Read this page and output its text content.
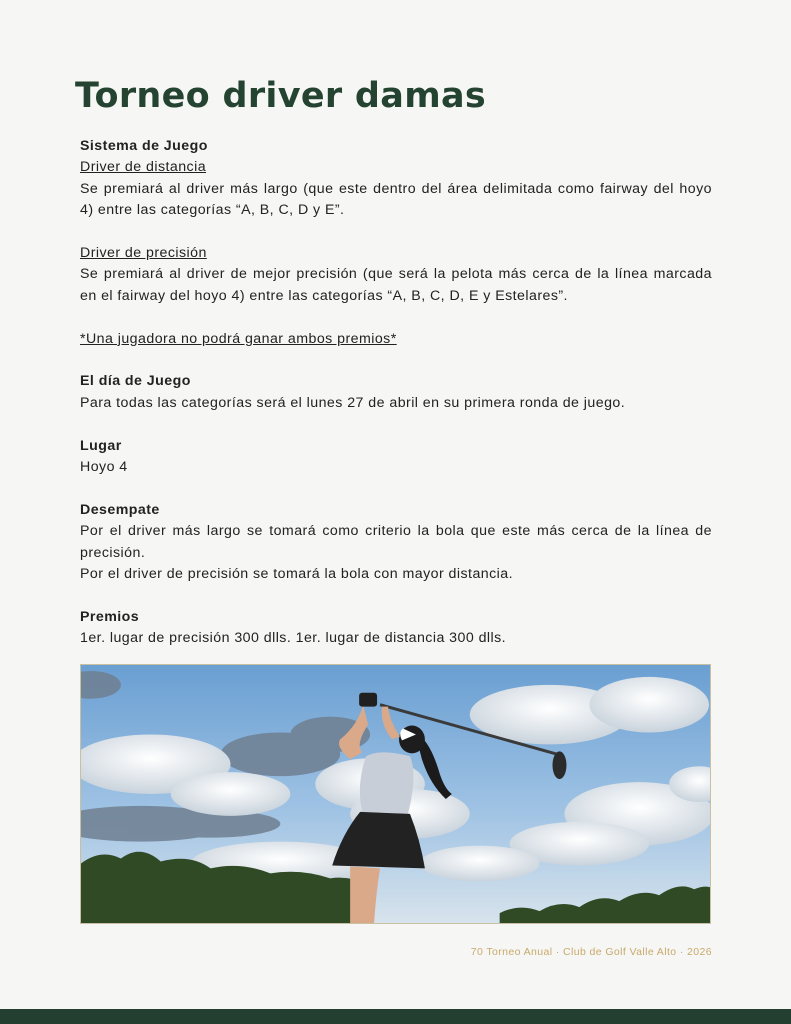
Torneo driver damas

Sistema de Juego

Driver de distancia

Se premiará al driver más largo (que este dentro del área delimitada como fairway del hoyo 4) entre las categorías “A, B, C, D y E”.

Driver de precisión

Se premiará al driver de mejor precisión (que será la pelota más cerca de la línea marcada en el fairway del hoyo 4) entre las categorías “A, B, C, D, E y Estelares”.

*Una jugadora no podrá ganar ambos premios*

El día de Juego

Para todas las categorías será el lunes 27 de abril en su primera ronda de juego.

Lugar

Hoyo 4

Desempate

Por el driver más largo se tomará como criterio la bola que este más cerca de la línea de precisión.

Por el driver de precisión se tomará la bola con mayor distancia.

Premios

1er. lugar de precisión 300 dlls. 1er. lugar de distancia 300 dlls.

70 Torneo Anual · Club de Golf Valle Alto · 2026
